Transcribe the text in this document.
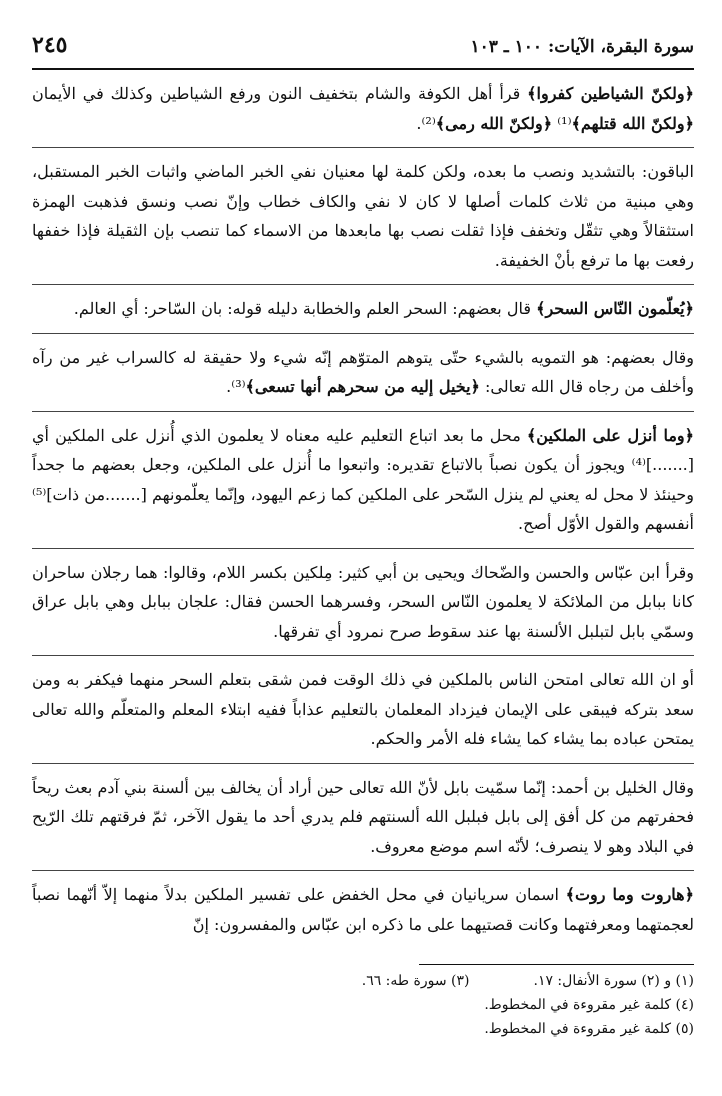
سورة البقرة، الآيات: ١٠٠ ـ ١٠٣
٢٤٥

﴿ولكنّ الشياطين كفروا﴾ قرأ أهل الكوفة والشام بتخفيف النون ورفع الشياطين وكذلك في الأيمان ﴿ولكنّ الله قتلهم﴾⁽¹⁾ ﴿ولكنّ الله رمى﴾⁽²⁾.

الباقون: بالتشديد ونصب ما بعده، ولكن كلمة لها معنيان نفي الخبر الماضي واثبات الخبر المستقبل، وهي مبنية من ثلاث كلمات أصلها لا كان لا نفي والكاف خطاب وإنّ نصب ونسق فذهبت الهمزة استثقالاً وهي تثقّل وتخفف فإذا ثقلت نصب بها مابعدها من الاسماء كما تنصب بإن الثقيلة فإذا خففها رفعت بها ما ترفع بأنْ الخفيفة.

﴿يُعلّمون النّاس السحر﴾ قال بعضهم: السحر العلم والخطابة دليله قوله: بان السّاحر: أي العالم.

وقال بعضهم: هو التمويه بالشيء حتّى يتوهم المتوّهم إنّه شيء ولا حقيقة له كالسراب غير من رآه وأخلف من رجاه قال الله تعالى: ﴿يخيل إليه من سحرهم أنها تسعى﴾⁽³⁾.

﴿وما أنزل على الملكين﴾ محل ما بعد اتباع التعليم عليه معناه لا يعلمون الذي أُنزل على الملكين أي [.......]⁽⁴⁾ ويجوز أن يكون نصباً بالاتباع تقديره: واتبعوا ما أُنزل على الملكين، وجعل بعضهم ما جحداً وحينئذ لا محل له يعني لم ينزل السّحر على الملكين كما زعم اليهود، وإنّما يعلّمونهم [.......من ذات]⁽⁵⁾ أنفسهم والقول الأوّل أصح.

وقرأ ابن عبّاس والحسن والضّحاك ويحيى بن أبي كثير: مِلكين بكسر اللام، وقالوا: هما رجلان ساحران كانا ببابل من الملائكة لا يعلمون النّاس السحر، وفسرهما الحسن فقال: علجان ببابل وهي بابل عراق وسمّي بابل لتبلبل الألسنة بها عند سقوط صرح نمرود أي تفرقها.

أو ان الله تعالى امتحن الناس بالملكين في ذلك الوقت فمن شقى بتعلم السحر منهما فيكفر به ومن سعد بتركه فيبقى على الإيمان فيزداد المعلمان بالتعليم عذاباً ففيه ابتلاء المعلم والمتعلّم والله تعالى يمتحن عباده بما يشاء كما يشاء فله الأمر والحكم.

وقال الخليل بن أحمد: إنّما سمّيت بابل لأنّ الله تعالى حين أراد أن يخالف بين ألسنة بني آدم بعث ريحاً فحفرتهم من كل أفق إلى بابل فبلبل الله ألسنتهم فلم يدري أحد ما يقول الآخر، ثمّ فرقتهم تلك الرّيح في البلاد وهو لا ينصرف؛ لأنّه اسم موضع معروف.

﴿هاروت وما روت﴾ اسمان سريانيان في محل الخفض على تفسير الملكين بدلاً منهما إلاّ أنّهما نصباً لعجمتهما ومعرفتهما وكانت قصتيهما على ما ذكره ابن عبّاس والمفسرون: إنّ

(١) و (٢) سورة الأنفال: ١٧.
(٣) سورة طه: ٦٦.
(٤) كلمة غير مقروءة في المخطوط.
(٥) كلمة غير مقروءة في المخطوط.
